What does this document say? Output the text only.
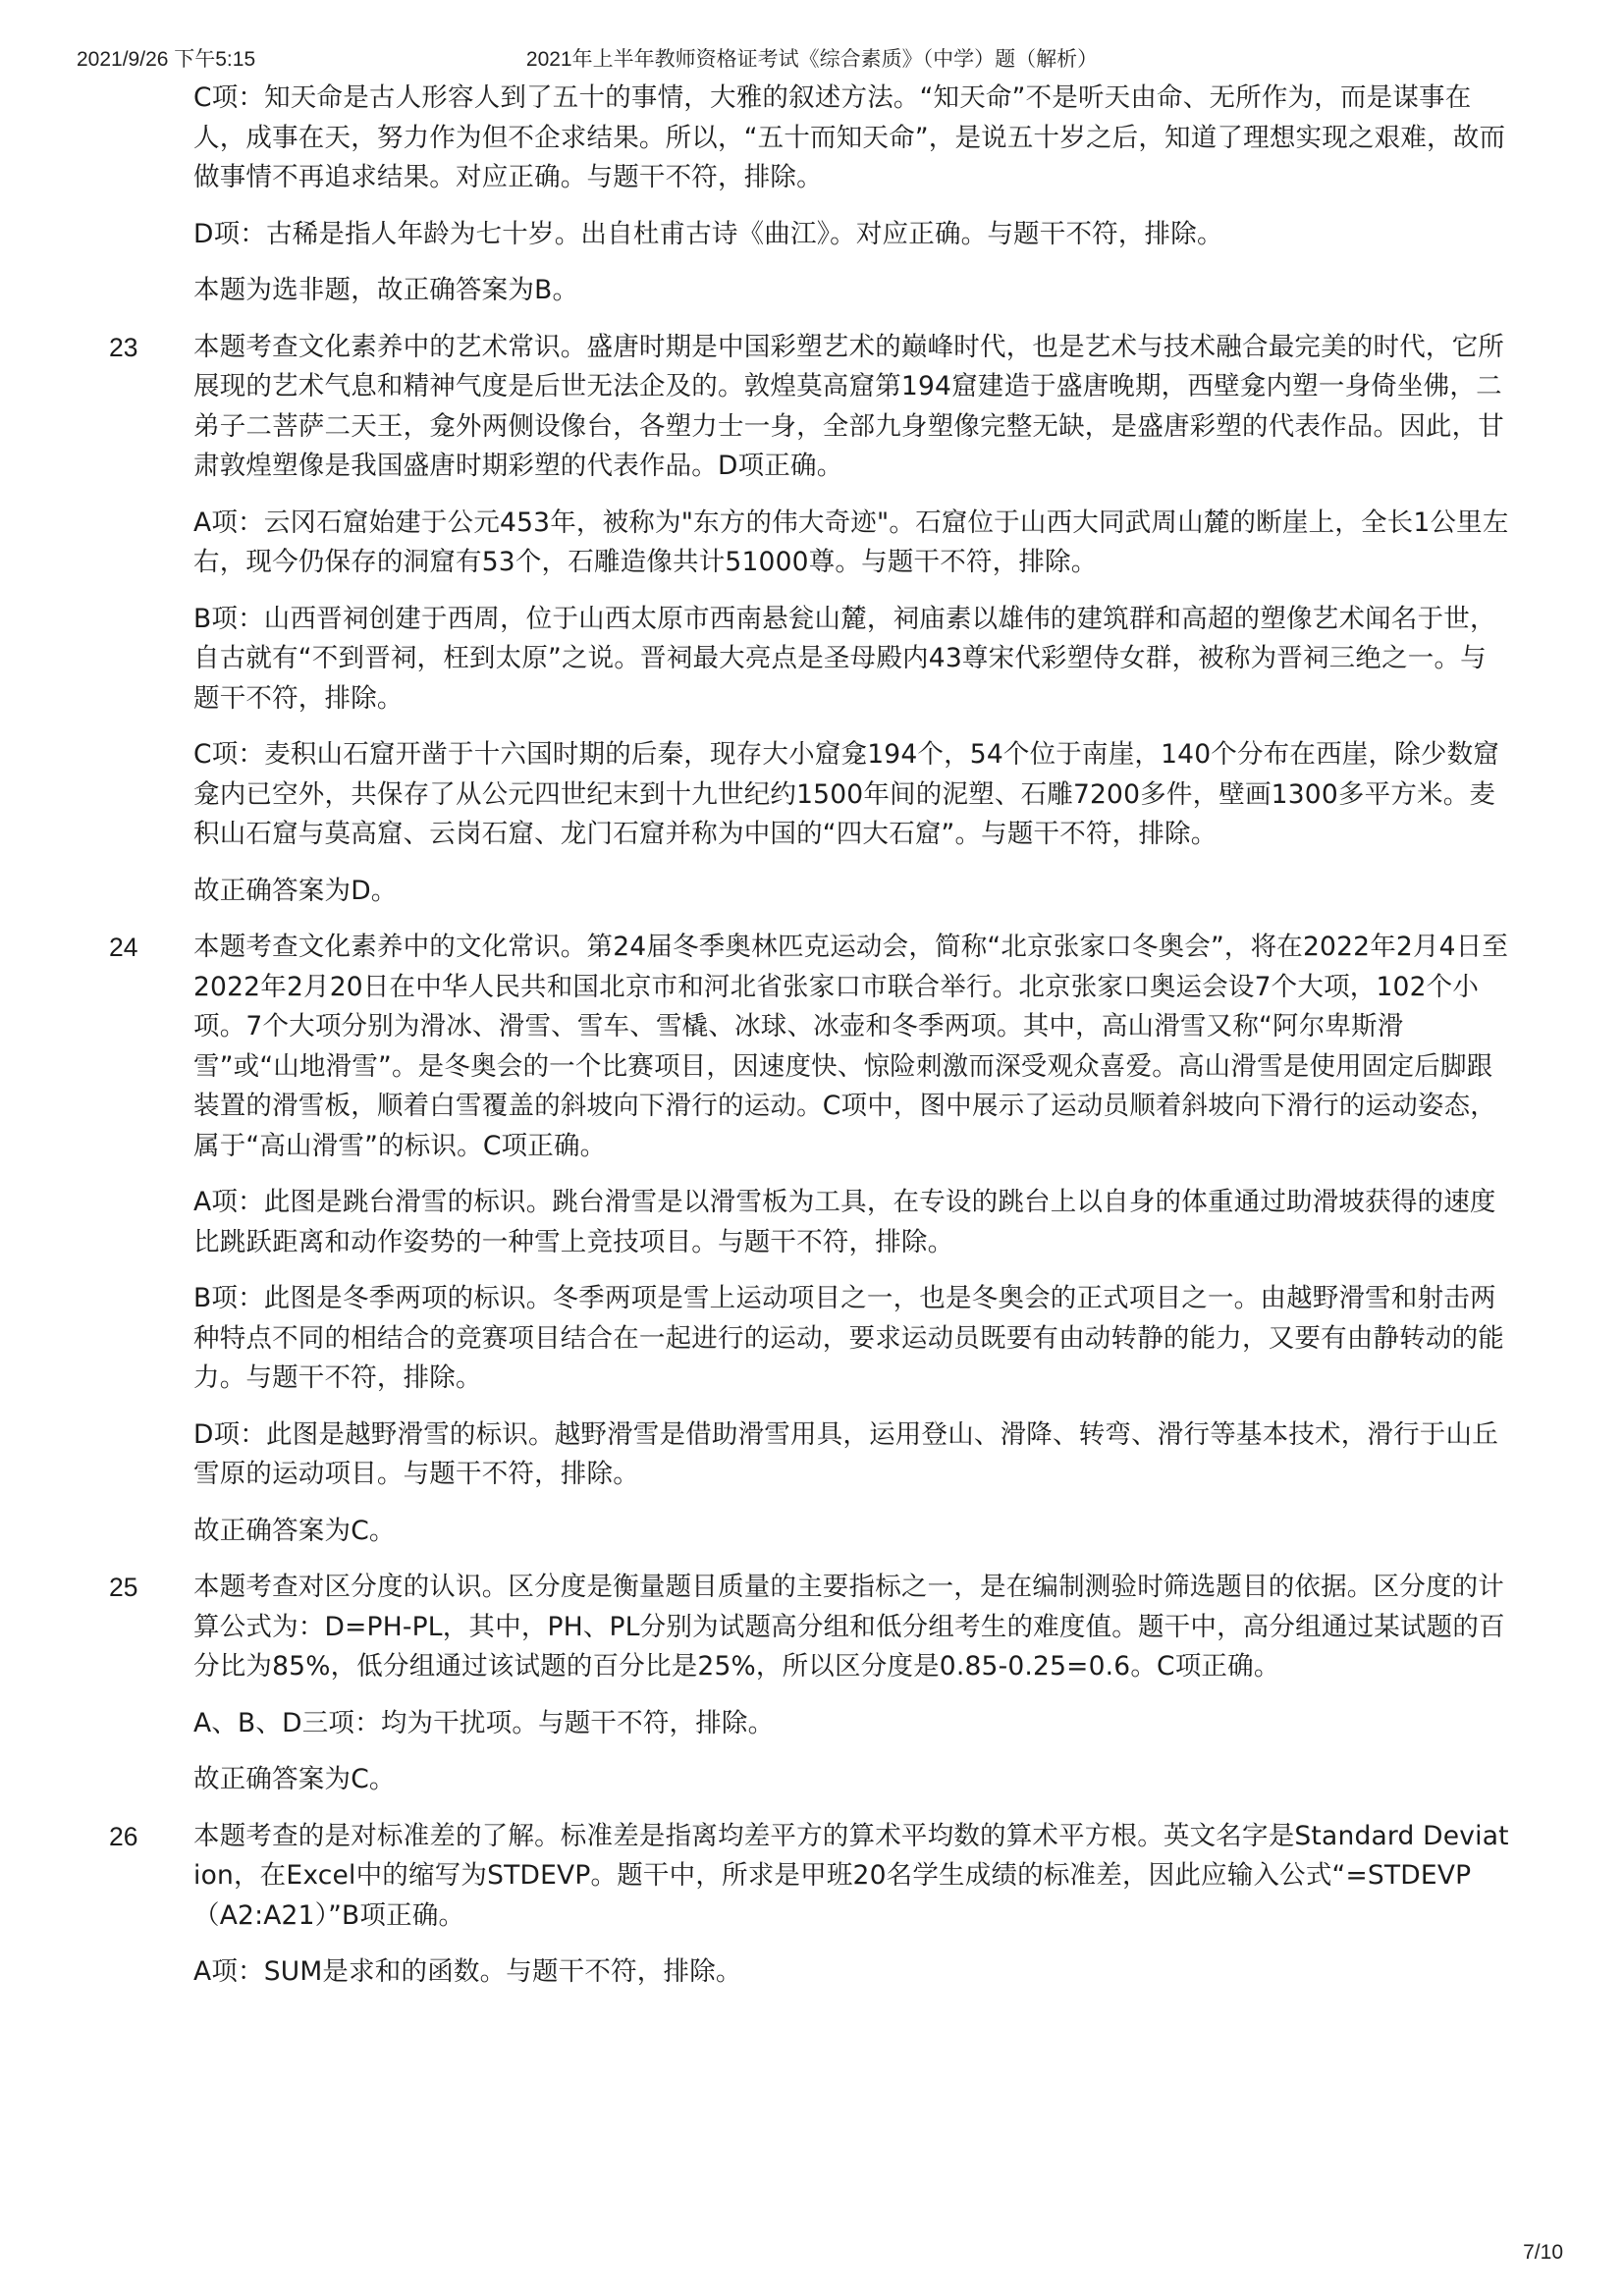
2021/9/26 下午5:15	2021年上半年教师资格证考试《综合素质》（中学）题（解析）

C项：知天命是古人形容人到了五十的事情，大雅的叙述方法。“知天命”不是听天由命、无所作为，而是谋事在人，成事在天，努力作为但不企求结果。所以，“五十而知天命”，是说五十岁之后，知道了理想实现之艰难，故而做事情不再追求结果。对应正确。与题干不符，排除。

D项：古稀是指人年龄为七十岁。出自杜甫古诗《曲江》。对应正确。与题干不符，排除。

本题为选非题，故正确答案为B。

23 本题考查文化素养中的艺术常识。盛唐时期是中国彩塑艺术的巅峰时代，也是艺术与技术融合最完美的时代，它所展现的艺术气息和精神气度是后世无法企及的。敦煌莫高窟第194窟建造于盛唐晚期，西壁龛内塑一身倚坐佛，二弟子二菩萨二天王，龛外两侧设像台，各塑力士一身，全部九身塑像完整无缺，是盛唐彩塑的代表作品。因此，甘肃敦煌塑像是我国盛唐时期彩塑的代表作品。D项正确。

A项：云冈石窟始建于公元453年，被称为"东方的伟大奇迹"。石窟位于山西大同武周山麓的断崖上，全长1公里左右，现今仍保存的洞窟有53个，石雕造像共计51000尊。与题干不符，排除。

B项：山西晋祠创建于西周，位于山西太原市西南悬瓮山麓，祠庙素以雄伟的建筑群和高超的塑像艺术闻名于世，自古就有“不到晋祠，枉到太原”之说。晋祠最大亮点是圣母殿内43尊宋代彩塑侍女群，被称为晋祠三绝之一。与题干不符，排除。

C项：麦积山石窟开凿于十六国时期的后秦，现存大小窟龛194个，54个位于南崖，140个分布在西崖，除少数窟龛内已空外，共保存了从公元四世纪末到十九世纪约1500年间的泥塑、石雕7200多件，壁画1300多平方米。麦积山石窟与莫高窟、云岗石窟、龙门石窟并称为中国的“四大石窟”。与题干不符，排除。

故正确答案为D。

24 本题考查文化素养中的文化常识。第24届冬季奥林匹克运动会，简称“北京张家口冬奥会”，将在2022年2月4日至2022年2月20日在中华人民共和国北京市和河北省张家口市联合举行。北京张家口奥运会设7个大项，102个小项。7个大项分别为滑冰、滑雪、雪车、雪橇、冰球、冰壶和冬季两项。其中，高山滑雪又称“阿尔卑斯滑雪”或“山地滑雪”。是冬奥会的一个比赛项目，因速度快、惊险刺激而深受观众喜爱。高山滑雪是使用固定后脚跟装置的滑雪板，顺着白雪覆盖的斜坡向下滑行的运动。C项中，图中展示了运动员顺着斜坡向下滑行的运动姿态，属于“高山滑雪”的标识。C项正确。

A项：此图是跳台滑雪的标识。跳台滑雪是以滑雪板为工具，在专设的跳台上以自身的体重通过助滑坡获得的速度比跳跃距离和动作姿势的一种雪上竞技项目。与题干不符，排除。

B项：此图是冬季两项的标识。冬季两项是雪上运动项目之一，也是冬奥会的正式项目之一。由越野滑雪和射击两种特点不同的相结合的竞赛项目结合在一起进行的运动，要求运动员既要有由动转静的能力，又要有由静转动的能力。与题干不符，排除。

D项：此图是越野滑雪的标识。越野滑雪是借助滑雪用具，运用登山、滑降、转弯、滑行等基本技术，滑行于山丘雪原的运动项目。与题干不符，排除。

故正确答案为C。

25 本题考查对区分度的认识。区分度是衡量题目质量的主要指标之一，是在编制测验时筛选题目的依据。区分度的计算公式为：D=PH-PL，其中，PH、PL分别为试题高分组和低分组考生的难度值。题干中，高分组通过某试题的百分比为85%，低分组通过该试题的百分比是25%，所以区分度是0.85-0.25=0.6。C项正确。

A、B、D三项：均为干扰项。与题干不符，排除。

故正确答案为C。

26 本题考查的是对标准差的了解。标准差是指离均差平方的算术平均数的算术平方根。英文名字是Standard Deviation，在Excel中的缩写为STDEVP。题干中，所求是甲班20名学生成绩的标准差，因此应输入公式“=STDEVP（A2:A21）”B项正确。

A项：SUM是求和的函数。与题干不符，排除。

7/10
